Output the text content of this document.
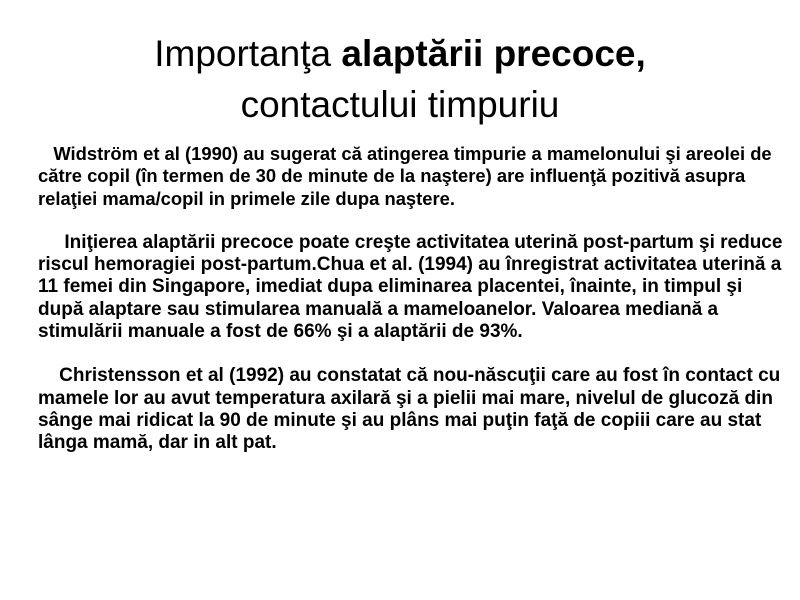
Importanţa alaptării precoce,
contactului timpuriu

Widström et al (1990) au sugerat că atingerea timpurie a mamelonului şi areolei de către copil (în termen de 30 de minute de la naştere) are influenţă pozitivă asupra relaţiei mama/copil in primele zile dupa naştere.

Iniţierea alaptării precoce poate creşte activitatea uterină post-partum şi reduce riscul hemoragiei post-partum.Chua et al. (1994) au înregistrat activitatea uterină a 11 femei din Singapore, imediat dupa eliminarea placentei, înainte, in timpul şi după alaptare sau stimularea manuală a mameloanelor. Valoarea mediană a stimulării manuale a fost de 66% şi a alaptării de 93%.

Christensson et al (1992) au constatat că nou-născuţii care au fost în contact cu mamele lor au avut temperatura axilară şi a pielii mai mare, nivelul de glucoză din sânge mai ridicat la 90 de minute şi au plâns mai puţin faţă de copiii care au stat lânga mamă, dar in alt pat.
